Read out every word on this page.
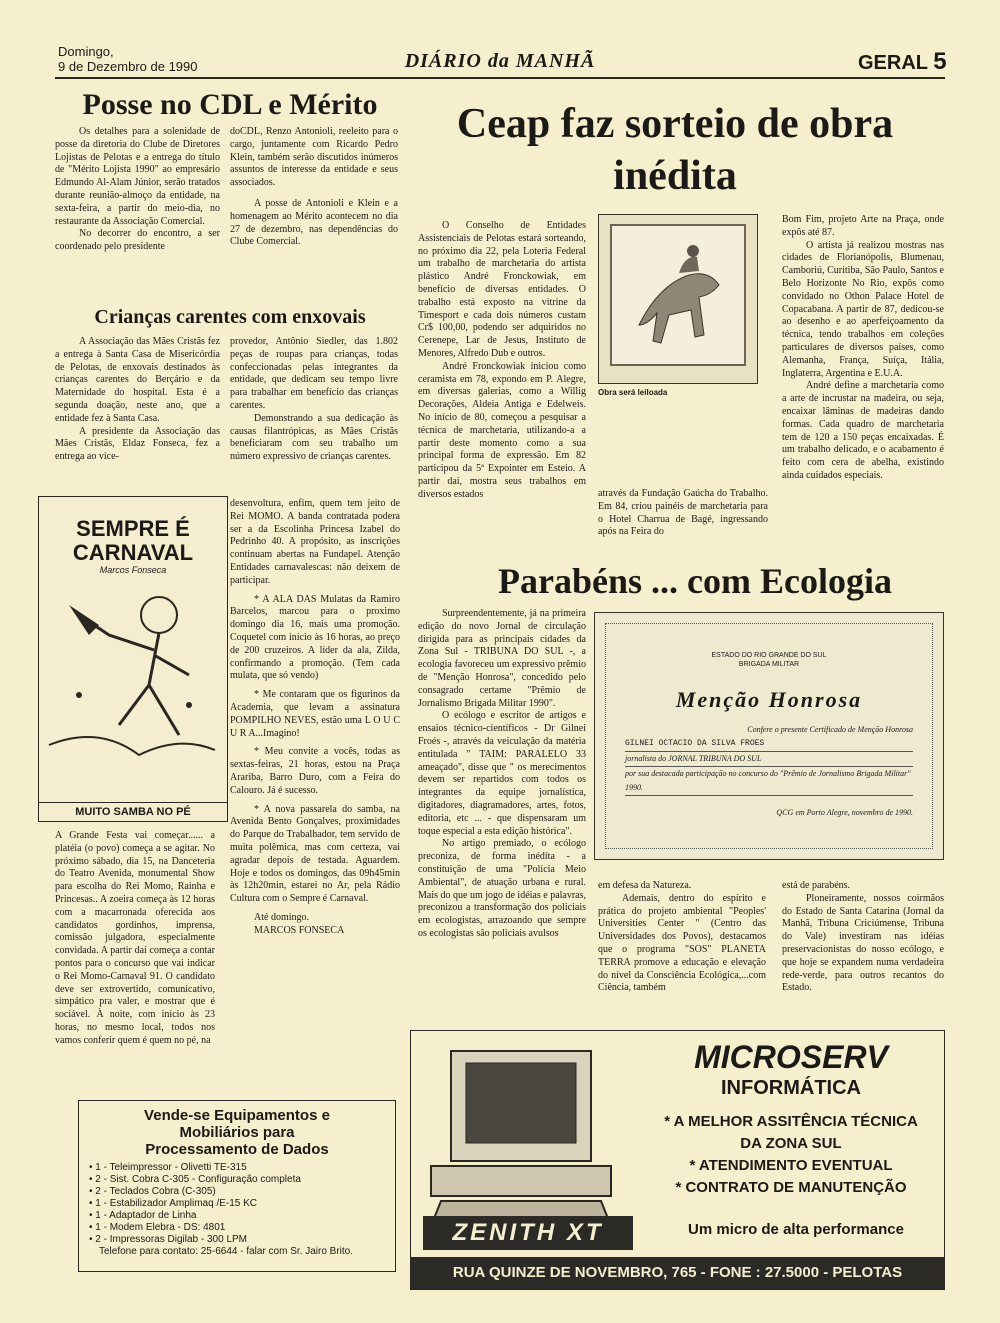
Domingo,
9 de Dezembro de 1990	DIÁRIO da MANHÃ	GERAL 5
Posse no CDL e Mérito

Os detalhes para a solenidade de posse da diretoria do Clube de Diretores Lojistas de Pelotas e a entrega do título de "Mérito Lojista 1990" ao empresário Edmundo Al-Alam Júnior, serão tratados durante reunião-almoço da entidade, na sexta-feira, a partir do meio-dia, no restaurante da Associação Comercial.

No decorrer do encontro, a ser coordenado pelo presidente

doCDL, Renzo Antonioli, reeleito para o cargo, juntamente com Ricardo Pedro Klein, também serão discutidos inúmeros assuntos de interesse da entidade e seus associados.

A posse de Antonioli e Klein e a homenagem ao Mérito acontecem no dia 27 de dezembro, nas dependências do Clube Comercial.

Crianças carentes com enxovais

A Associação das Mães Cristãs fez a entrega à Santa Casa de Misericórdia de Pelotas, de enxovais destinados às crianças carentes do Berçário e da Maternidade do hospital. Esta é a segunda doação, neste ano, que a entidade fez à Santa Casa.

A presidente da Associação das Mães Cristãs, Eldaz Fonseca, fez a entrega ao vice-

provedor, Antônio Siedler, das 1.802 peças de roupas para crianças, todas confeccionadas pelas integrantes da entidade, que dedicam seu tempo livre para trabalhar em benefício das crianças carentes.

Demonstrando a sua dedicação às causas filantrópicas, as Mães Cristãs beneficiaram com seu trabalho um número expressivo de crianças carentes.

Ceap faz sorteio de obra inédita

O Conselho de Entidades Assistenciais de Pelotas estará sorteando, no próximo dia 22, pela Loteria Federal um trabalho de marchetaria do artista plástico André Fronckowiak, em benefício de diversas entidades. O trabalho está exposto na vitrine da Timesport e cada dois números custam Cr$ 100,00, podendo ser adquiridos no Cerenepe, Lar de Jesus, Instituto de Menores, Alfredo Dub e outros.

André Fronckowiak iniciou como ceramista em 78, expondo em P. Alegre, em diversas galerias, como a Willig Decorações, Aldeia Antiga e Edelweis. No início de 80, começou a pesquisar a técnica de marchetaria, utilizando-a a partir deste momento como a sua principal forma de expressão. Em 82 participou da 5ª Expointer em Esteio. A partir daí, mostra seus trabalhos em diversos estados

Obra será leiloada

através da Fundação Gaúcha do Trabalho. Em 84, criou painéis de marchetaria para o Hotel Charrua de Bagé, ingressando após na Feira do

Bom Fim, projeto Arte na Praça, onde expôs até 87.

O artista já realizou mostras nas cidades de Florianópolis, Blumenau, Camboriú, Curitiba, São Paulo, Santos e Belo Horizonte No Rio, expôs como convidado no Othon Palace Hotel de Copacabana. A partir de 87, dedicou-se ao desenho e ao aperfeiçoamento da técnica, tendo trabalhos em coleções particulares de diversos países, como Alemanha, França, Suíça, Itália, Inglaterra, Argentina e E.U.A.

André define a marchetaria como a arte de incrustar na madeira, ou seja, encaixar lâminas de madeiras dando formas. Cada quadro de marchetaria tem de 120 a 150 peças encaixadas. É um trabalho delicado, e o acabamento é feito com cera de abelha, existindo ainda cuidados especiais.

SEMPRE É
CARNAVAL
Marcos Fonseca
MUITO SAMBA NO PÉ

A Grande Festa vai começar...... a platéia (o povo) começa a se agitar. No próximo sábado, dia 15, na Danceteria do Teatro Avenida, monumental Show para escolha do Rei Momo, Rainha e Princesas.. A zoeira começa às 12 horas com a macarronada oferecida aos candidatos gordinhos, imprensa, comissão julgadora, especialmente convidada. A partir daí começa a contar pontos para o concurso que vai indicar o Rei Momo-Carnaval 91. O candidato deve ser extrovertido, comunicativo, simpático pra valer, e mostrar que é sociável. À noite, com início às 23 horas, no mesmo local, todos nos vamos conferir quem é quem no pé, na

desenvoltura, enfim, quem tem jeito de Rei MOMO. A banda contratada podera ser a da Escolinha Princesa Izabel do Pedrinho 40. A propósito, as inscrições continuam abertas na Fundapel. Atenção Entidades carnavalescas: não deixem de participar.

* A ALA DAS Mulatas da Ramiro Barcelos, marcou para o proximo domingo dia 16, mais uma promoção. Coquetel com início às 16 horas, ao preço de 200 cruzeiros. A líder da ala, Zilda, confirmando a promoção. (Tem cada mulata, que só vendo)

* Me contaram que os figurinos da Academia, que levam a assinatura POMPILHO NEVES, estão uma L O U C U R A...Imagino!

* Meu convite a vocês, todas as sextas-feiras, 21 horas, estou na Praça Arariba, Barro Duro, com a Feira do Calouro. Já é sucesso.

* A nova passarela do samba, na Avenida Bento Gonçalves, proximidades do Parque do Trabalhador, tem servido de muita polêmica, mas com certeza, vai agradar depois de testada. Aguardem. Hoje e todos os domingos, das 09h45min às 12h20min, estarei no Ar, pela Rádio Cultura com o Sempre é Carnaval.

Até domingo.

MARCOS FONSECA

Parabéns ... com Ecologia

Surpreendentemente, já na primeira edição do novo Jornal de circulação dirigida para as principais cidades da Zona Sul - TRIBUNA DO SUL -, a ecologia favoreceu um expressivo prêmio de "Menção Honrosa", concedido pelo consagrado certame "Prêmio de Jornalismo Brigada Militar 1990".

O ecólogo e escritor de artigos e ensaios técnico-científicos - Dr Gilnei Froés -, através da veiculação da matéria entitulada " TAIM: PARALELO 33 ameaçado", disse que " os merecimentos devem ser repartidos com todos os integrantes da equipe jornalística, digitadores, diagramadores, artes, fotos, editoria, etc ... - que dispensaram um toque especial a esta edição histórica".

No artigo premiado, o ecólogo preconiza, de forma inédita - a constituição de uma "Polícia Meio Ambiental", de atuação urbana e rural. Mais do que um jogo de idéias e palavras, preconizou a transformação dos policiais em ecologistas, arrazoando que sempre os ecologistas são policiais avulsos

ESTADO DO RIO GRANDE DO SUL
BRIGADA MILITAR
Menção Honrosa
Confere o presente Certificado de Menção Honrosa
GILNEI OCTACIO DA SILVA FROES
jornalista do JORNAL TRIBUNA DO SUL
por sua destacada participação no concurso do "Prêmio de Jornalismo Brigada Militar" 1990.
QCG em Porto Alegre, novembro de 1990.

em defesa da Natureza.

Ademais, dentro do espírito e prática do projeto ambiental "Peoples' Universities Center " (Centro das Universidades dos Povos), destacamos que o programa "SOS" PLANETA TERRA promove a educação e elevação do nível da Consciência Ecológica,...com Ciência, também

está de parabéns.

Ploneiramente, nossos coirmãos do Estado de Santa Catarina (Jornal da Manhã, Tribuna Criciúmense, Tribuna do Vale) investiram nas idéias preservacionistas do nosso ecólogo, e que hoje se expandem numa verdadeira rede-verde, para outros recantos do Estado.

Vende-se Equipamentos e
Mobiliários para
Processamento de Dados
• 1 - Teleimpressor - Olivetti TE-315
• 2 - Sist. Cobra C-305 - Configuração completa
• 2 - Teclados Cobra (C-305)
• 1 - Estabilizador Amplimaq /E-15 KC
• 1 - Adaptador de Linha
• 1 - Modem Elebra - DS: 4801
• 2 - Impressoras Digilab - 300 LPM
Telefone para contato: 25-6644 - falar com Sr. Jairo Brito.
MICROSERV
INFORMÁTICA
* A MELHOR ASSITÊNCIA TÉCNICA
DA ZONA SUL
* ATENDIMENTO EVENTUAL
* CONTRATO DE MANUTENÇÃO
ZENITH XT	Um micro de alta performance
RUA QUINZE DE NOVEMBRO, 765 - FONE : 27.5000 - PELOTAS
